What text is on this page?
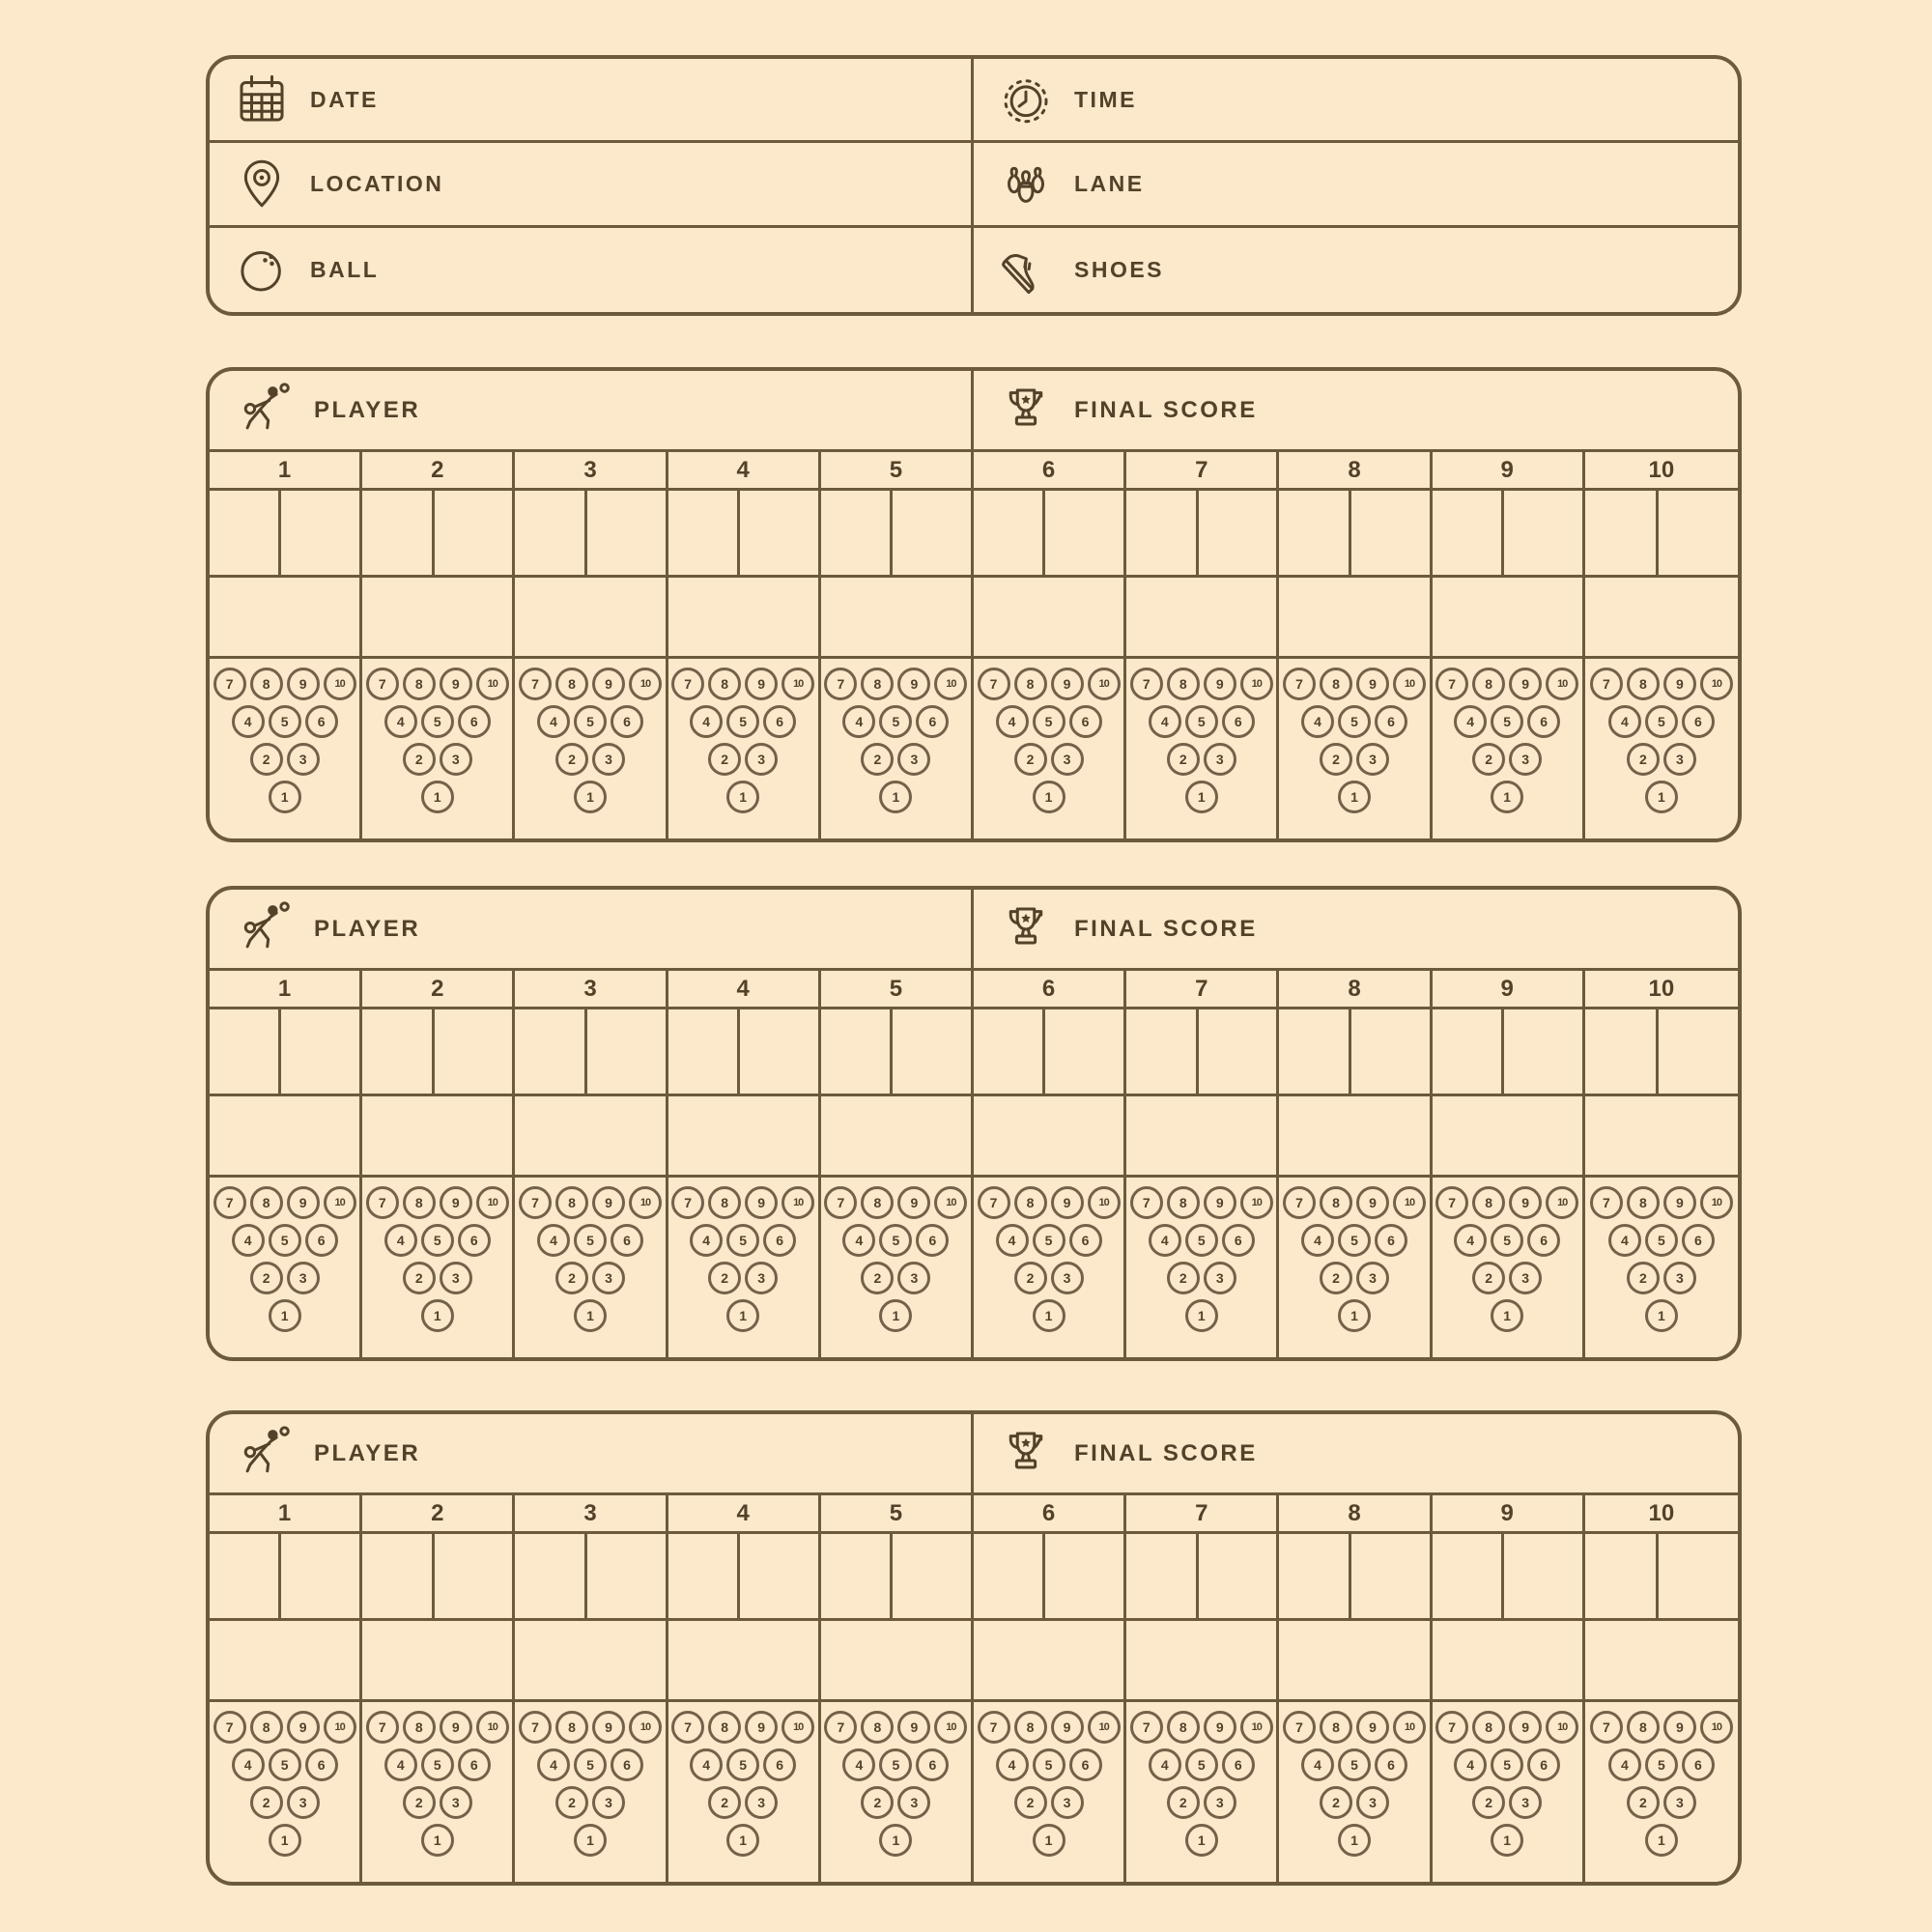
DATE	TIME
LOCATION	LANE
BALL	SHOES
PLAYER	FINAL SCORE
1
7	8	9	10
4	5	6
2	3
1
2
7	8	9	10
4	5	6
2	3
1
3
7	8	9	10
4	5	6
2	3
1
4
7	8	9	10
4	5	6
2	3
1
5
7	8	9	10
4	5	6
2	3
1
6
7	8	9	10
4	5	6
2	3
1
7
7	8	9	10
4	5	6
2	3
1
8
7	8	9	10
4	5	6
2	3
1
9
7	8	9	10
4	5	6
2	3
1
10
7	8	9	10
4	5	6
2	3
1
PLAYER	FINAL SCORE
1
7	8	9	10
4	5	6
2	3
1
2
7	8	9	10
4	5	6
2	3
1
3
7	8	9	10
4	5	6
2	3
1
4
7	8	9	10
4	5	6
2	3
1
5
7	8	9	10
4	5	6
2	3
1
6
7	8	9	10
4	5	6
2	3
1
7
7	8	9	10
4	5	6
2	3
1
8
7	8	9	10
4	5	6
2	3
1
9
7	8	9	10
4	5	6
2	3
1
10
7	8	9	10
4	5	6
2	3
1
PLAYER	FINAL SCORE
1
7	8	9	10
4	5	6
2	3
1
2
7	8	9	10
4	5	6
2	3
1
3
7	8	9	10
4	5	6
2	3
1
4
7	8	9	10
4	5	6
2	3
1
5
7	8	9	10
4	5	6
2	3
1
6
7	8	9	10
4	5	6
2	3
1
7
7	8	9	10
4	5	6
2	3
1
8
7	8	9	10
4	5	6
2	3
1
9
7	8	9	10
4	5	6
2	3
1
10
7	8	9	10
4	5	6
2	3
1
